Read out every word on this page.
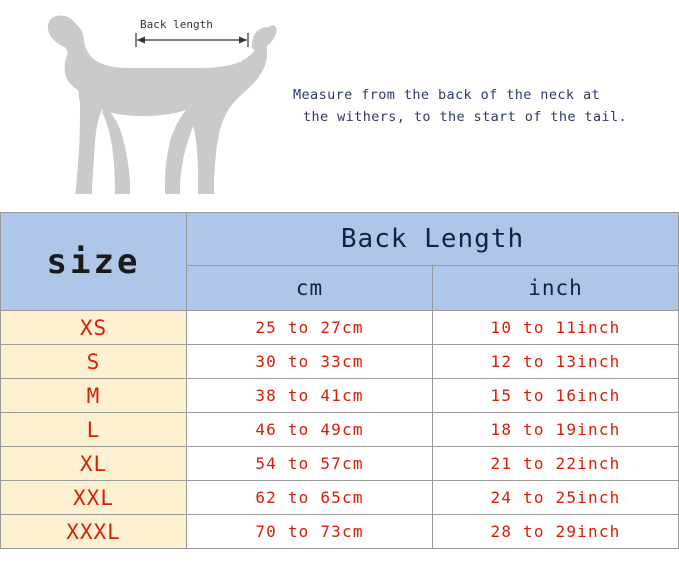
Back length
Measure from the back of the neck at
the withers, to the start of the tail.
size	Back Length	
	cm	inch
XS	25 to 27cm	10 to 11inch
S	30 to 33cm	12 to 13inch
M	38 to 41cm	15 to 16inch
L	46 to 49cm	18 to 19inch
XL	54 to 57cm	21 to 22inch
XXL	62 to 65cm	24 to 25inch
XXXL	70 to 73cm	28 to 29inch
